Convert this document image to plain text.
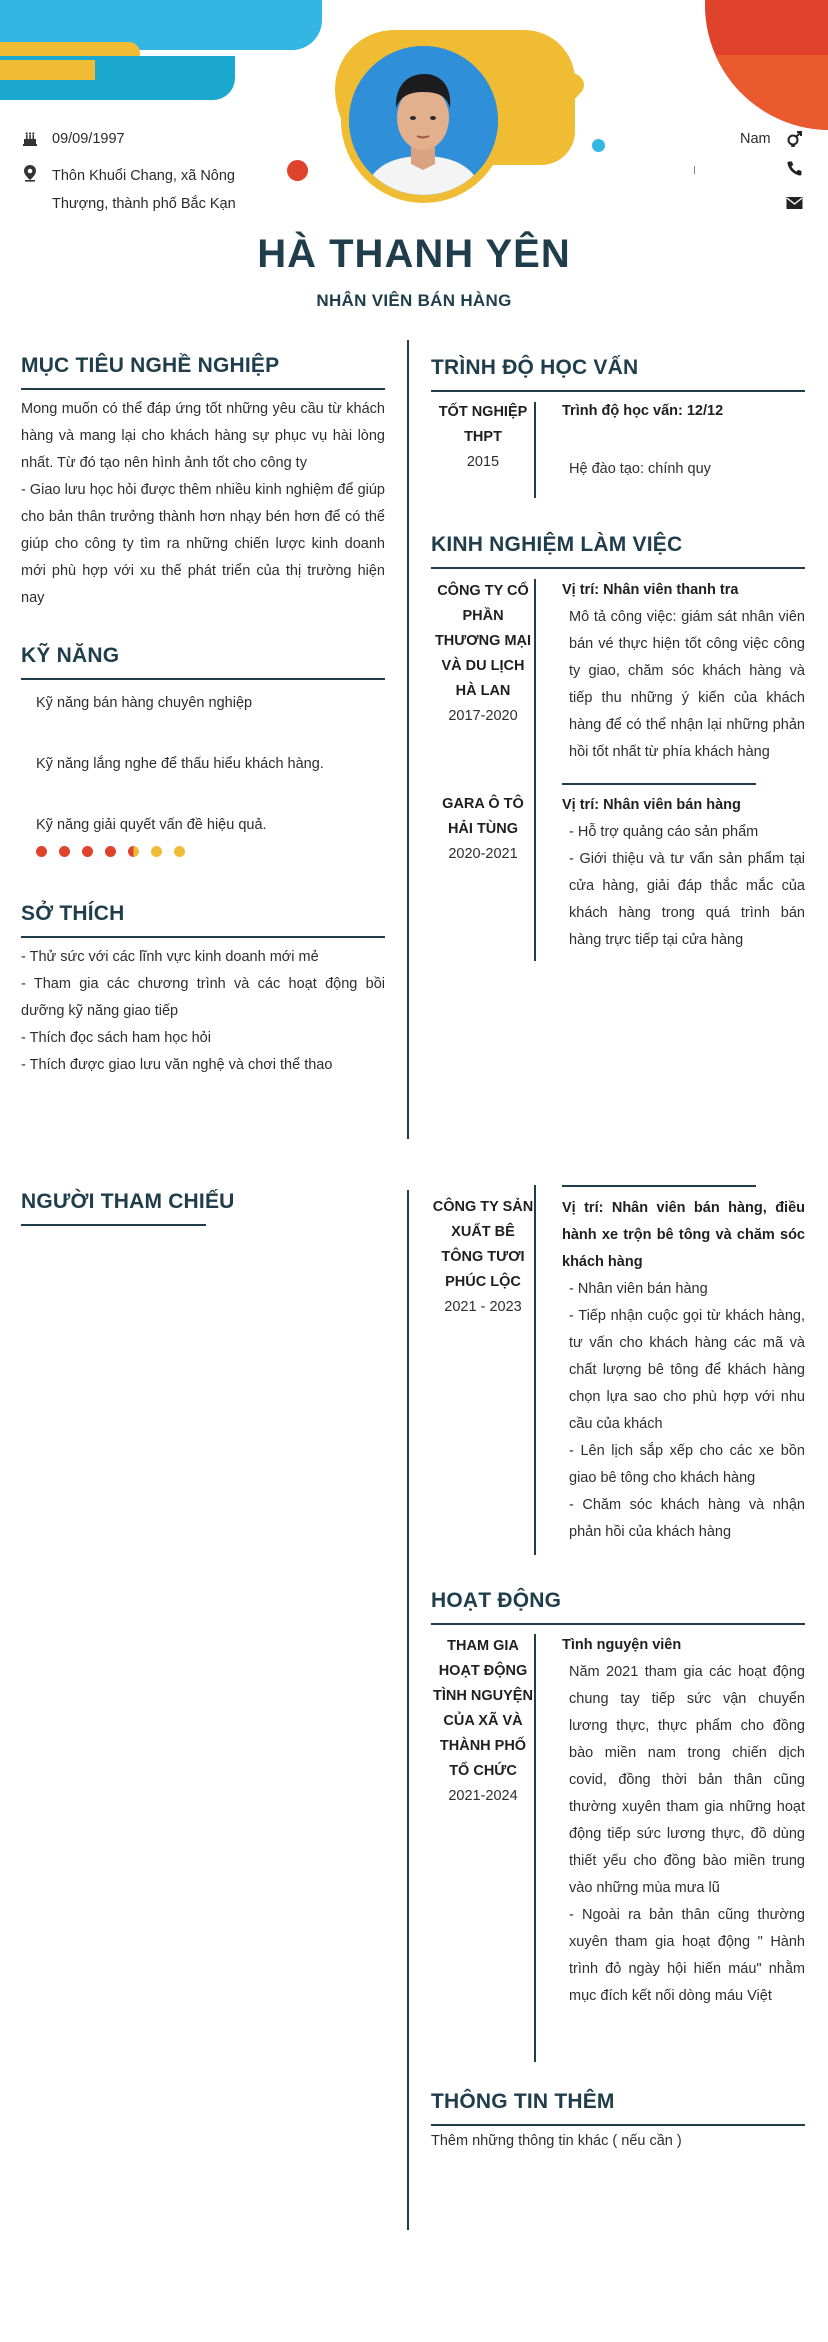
09/09/1997
Thôn Khuổi Chang, xã Nông
Thượng, thành phố Bắc Kạn
Nam
HÀ THANH YÊN
NHÂN VIÊN BÁN HÀNG
MỤC TIÊU NGHỀ NGHIỆP
Mong muốn có thể đáp ứng tốt những yêu cầu từ khách hàng và mang lại cho khách hàng sự phục vụ hài lòng nhất. Từ đó tạo nên hình ảnh tốt cho công ty
- Giao lưu học hỏi được thêm nhiều kinh nghiệm để giúp cho bản thân trưởng thành hơn nhạy bén hơn để có thể giúp cho công ty tìm ra những chiến lược kinh doanh mới phù hợp với xu thế phát triển của thị trường hiện nay
KỸ NĂNG
Kỹ năng bán hàng chuyên nghiệp
Kỹ năng lắng nghe để thấu hiểu khách hàng.
Kỹ năng giải quyết vấn đề hiệu quả.
SỞ THÍCH
- Thử sức với các lĩnh vực kinh doanh mới mẻ
- Tham gia các chương trình và các hoạt động bồi dưỡng kỹ năng giao tiếp
- Thích đọc sách ham học hỏi
- Thích được giao lưu văn nghệ và chơi thể thao
NGƯỜI THAM CHIẾU
TRÌNH ĐỘ HỌC VẤN
TỐT NGHIỆP THPT
2015
Trình độ học vấn: 12/12
Hệ đào tạo: chính quy
KINH NGHIỆM LÀM VIỆC
CÔNG TY CỔ PHẦN THƯƠNG MẠI VÀ DU LỊCH HÀ LAN
2017-2020
Vị trí: Nhân viên thanh tra
Mô tả công việc: giám sát nhân viên bán vé thực hiện tốt công việc công ty giao, chăm sóc khách hàng và tiếp thu những ý kiến của khách hàng để có thể nhận lại những phản hồi tốt nhất từ phía khách hàng
GARA Ô TÔ HẢI TÙNG
2020-2021
Vị trí: Nhân viên bán hàng
- Hỗ trợ quảng cáo sản phẩm
- Giới thiệu và tư vấn sản phẩm tại cửa hàng, giải đáp thắc mắc của khách hàng trong quá trình bán hàng trực tiếp tại cửa hàng
CÔNG TY SẢN XUẤT BÊ TÔNG TƯƠI PHÚC LỘC
2021 - 2023
Vị trí: Nhân viên bán hàng, điều hành xe trộn bê tông và chăm sóc khách hàng
- Nhân viên bán hàng
- Tiếp nhận cuộc gọi từ khách hàng, tư vấn cho khách hàng các mã và chất lượng bê tông để khách hàng chọn lựa sao cho phù hợp với nhu cầu của khách
- Lên lịch sắp xếp cho các xe bồn giao bê tông cho khách hàng
- Chăm sóc khách hàng và nhận phản hồi của khách hàng
HOẠT ĐỘNG
THAM GIA HOẠT ĐỘNG TÌNH NGUYỆN CỦA XÃ VÀ THÀNH PHỐ TỔ CHỨC
2021-2024
Tình nguyện viên
Năm 2021 tham gia các hoạt động chung tay tiếp sức vận chuyển lương thực, thực phẩm cho đồng bào miền nam trong chiến dịch covid, đồng thời bản thân cũng thường xuyên tham gia những hoạt động tiếp sức lương thực, đồ dùng thiết yếu cho đồng bào miền trung vào những mùa mưa lũ
- Ngoài ra bản thân cũng thường xuyên tham gia hoạt động " Hành trình đỏ ngày hội hiến máu" nhằm mục đích kết nối dòng máu Việt
THÔNG TIN THÊM
Thêm những thông tin khác ( nếu cần )
